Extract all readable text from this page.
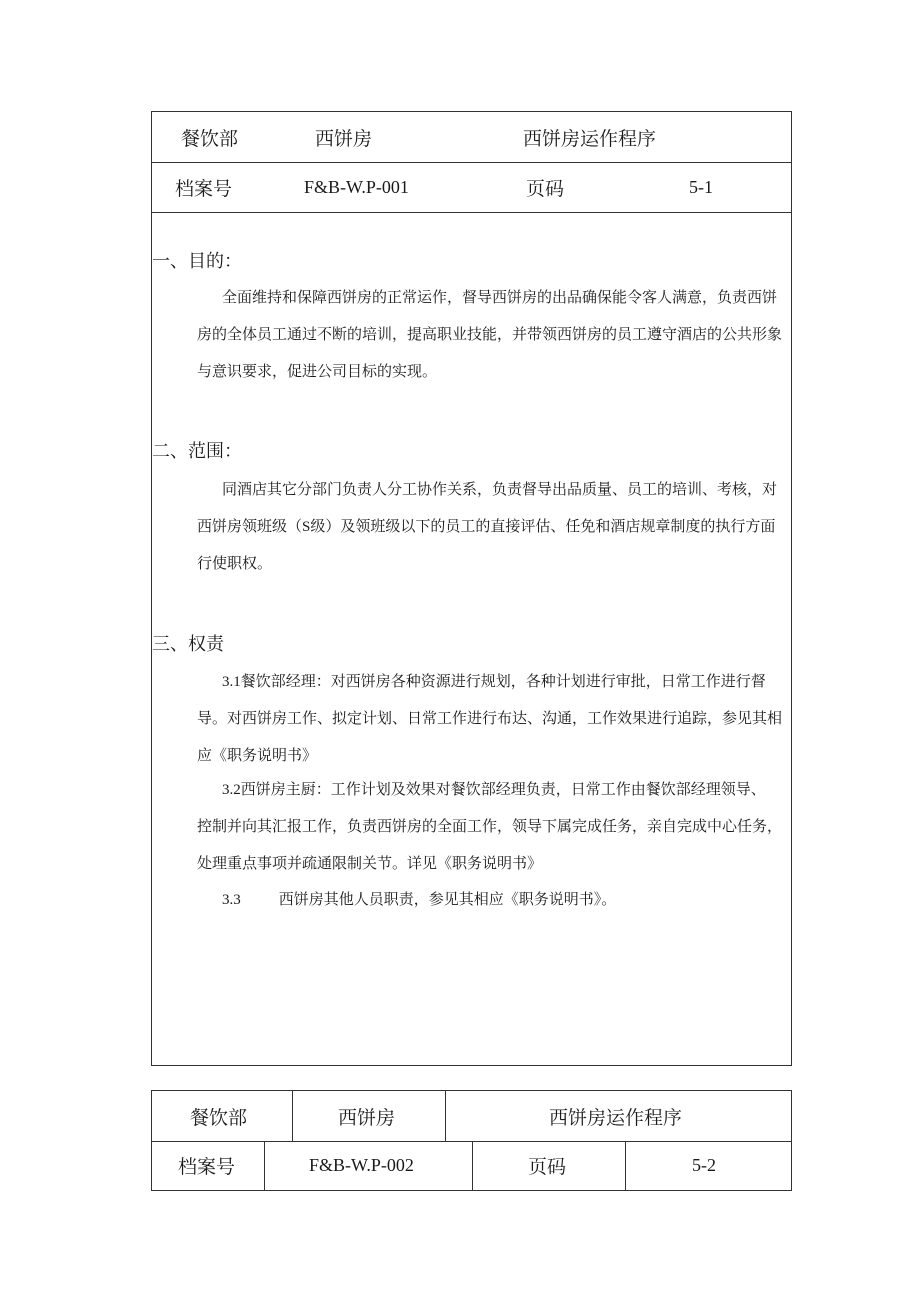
餐饮部	西饼房	西饼房运作程序
档案号	F&B-W.P-001	页码	5-1
一、目的：
全面维持和保障西饼房的正常运作，督导西饼房的出品确保能令客人满意，负责西饼
房的全体员工通过不断的培训，提高职业技能，并带领西饼房的员工遵守酒店的公共形象
与意识要求，促进公司目标的实现。
二、范围：
同酒店其它分部门负责人分工协作关系，负责督导出品质量、员工的培训、考核，对
西饼房领班级（S级）及领班级以下的员工的直接评估、任免和酒店规章制度的执行方面
行使职权。
三、权责
3.1餐饮部经理：对西饼房各种资源进行规划，各种计划进行审批，日常工作进行督
导。对西饼房工作、拟定计划、日常工作进行布达、沟通，工作效果进行追踪，参见其相
应《职务说明书》
3.2西饼房主厨：工作计划及效果对餐饮部经理负责，日常工作由餐饮部经理领导、
控制并向其汇报工作，负责西饼房的全面工作，领导下属完成任务，亲自完成中心任务，
处理重点事项并疏通限制关节。详见《职务说明书》
3.3	西饼房其他人员职责，参见其相应《职务说明书》。
餐饮部	西饼房	西饼房运作程序
档案号	F&B-W.P-002	页码	5-2
